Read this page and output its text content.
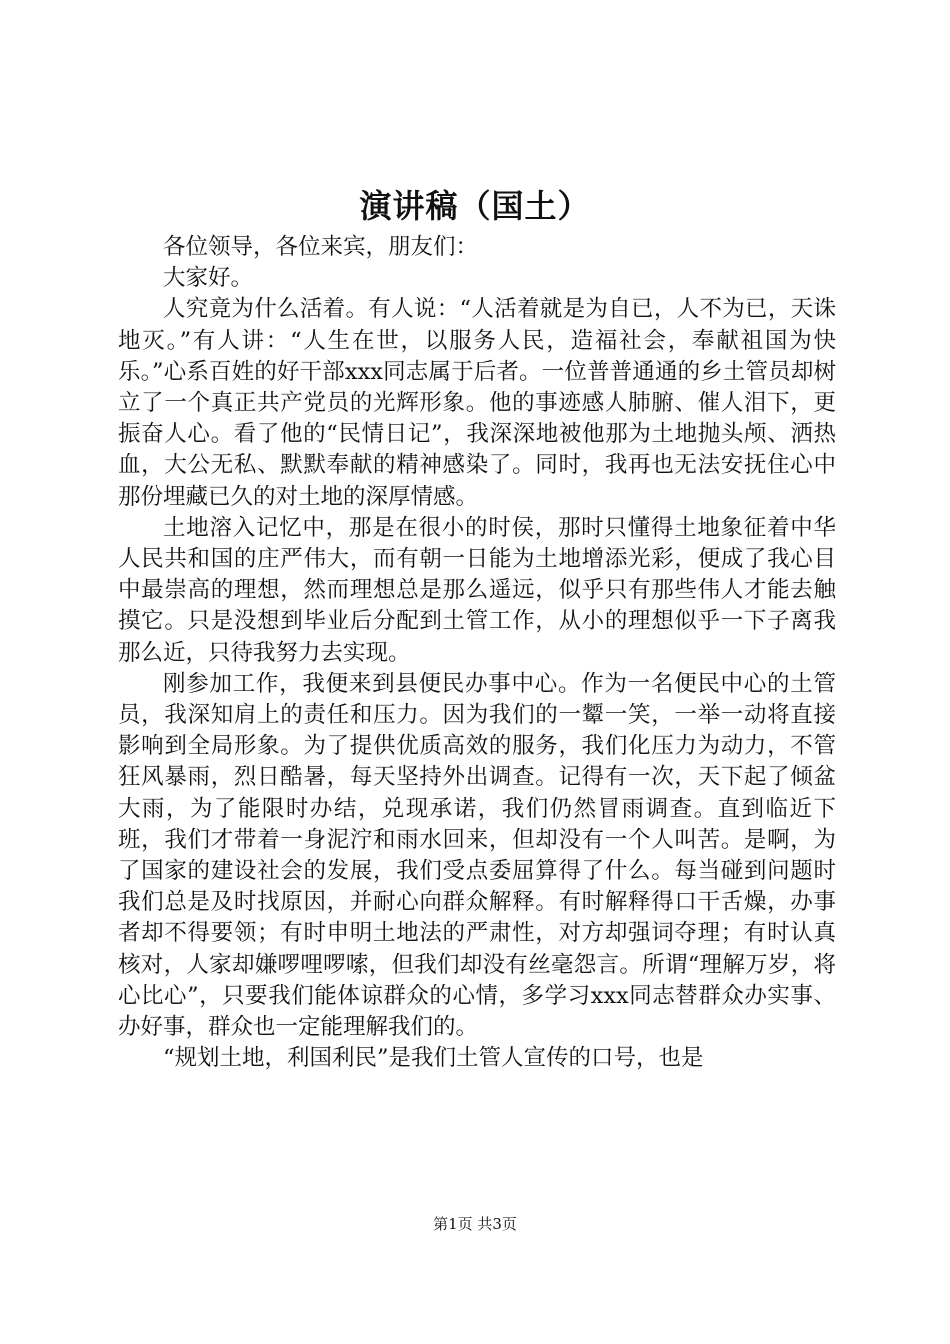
演讲稿（国土）

各位领导，各位来宾，朋友们：

大家好。

人究竟为什么活着。有人说：“人活着就是为自已，人不为已，天诛地灭。”有人讲：“人生在世，以服务人民，造福社会，奉献祖国为快乐。”心系百姓的好干部xxx同志属于后者。一位普普通通的乡土管员却树立了一个真正共产党员的光辉形象。他的事迹感人肺腑、催人泪下，更振奋人心。看了他的“民情日记”，我深深地被他那为土地抛头颅、洒热血，大公无私、默默奉献的精神感染了。同时，我再也无法安抚住心中那份埋藏已久的对土地的深厚情感。

土地溶入记忆中，那是在很小的时侯，那时只懂得土地象征着中华人民共和国的庄严伟大，而有朝一日能为土地增添光彩，便成了我心目中最崇高的理想，然而理想总是那么遥远，似乎只有那些伟人才能去触摸它。只是没想到毕业后分配到土管工作，从小的理想似乎一下子离我那么近，只待我努力去实现。

刚参加工作，我便来到县便民办事中心。作为一名便民中心的土管员，我深知肩上的责任和压力。因为我们的一颦一笑，一举一动将直接影响到全局形象。为了提供优质高效的服务，我们化压力为动力，不管狂风暴雨，烈日酷暑，每天坚持外出调查。记得有一次，天下起了倾盆大雨，为了能限时办结，兑现承诺，我们仍然冒雨调查。直到临近下班，我们才带着一身泥泞和雨水回来，但却没有一个人叫苦。是啊，为了国家的建设社会的发展，我们受点委屈算得了什么。每当碰到问题时我们总是及时找原因，并耐心向群众解释。有时解释得口干舌燥，办事者却不得要领；有时申明土地法的严肃性，对方却强词夺理；有时认真核对，人家却嫌啰哩啰嗦，但我们却没有丝毫怨言。所谓“理解万岁，将心比心”，只要我们能体谅群众的心情，多学习xxx同志替群众办实事、办好事，群众也一定能理解我们的。

“规划土地，利国利民”是我们土管人宣传的口号，也是

第1页 共3页
